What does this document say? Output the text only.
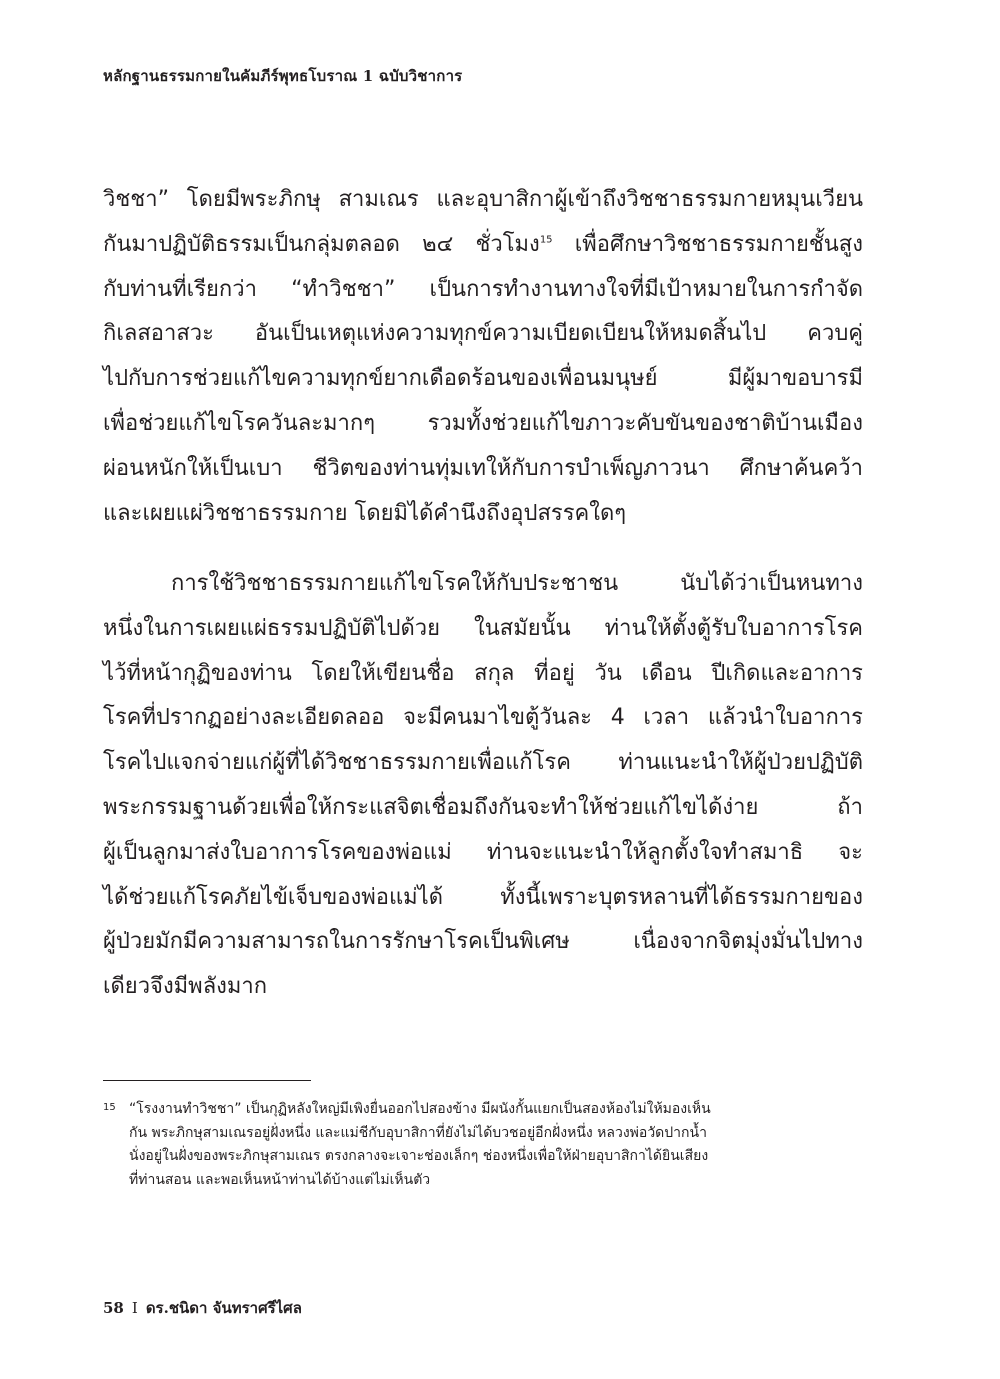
หลักฐานธรรมกายในคัมภีร์พุทธโบราณ 1 ฉบับวิชาการ
วิชชา” โดยมีพระภิกษุ สามเณร และอุบาสิกาผู้เข้าถึงวิชชาธรรมกายหมุนเวียน
กันมาปฏิบัติธรรมเป็นกลุ่มตลอด ๒๔ ชั่วโมง$^{15}$ เพื่อศึกษาวิชชาธรรมกายชั้นสูง
กับท่านที่เรียกว่า “ทำวิชชา” เป็นการทำงานทางใจที่มีเป้าหมายในการกำจัด
กิเลสอาสวะ อันเป็นเหตุแห่งความทุกข์ความเบียดเบียนให้หมดสิ้นไป ควบคู่
ไปกับการช่วยแก้ไขความทุกข์ยากเดือดร้อนของเพื่อนมนุษย์ มีผู้มาขอบารมี
เพื่อช่วยแก้ไขโรควันละมากๆ รวมทั้งช่วยแก้ไขภาวะคับขันของชาติบ้านเมือง
ผ่อนหนักให้เป็นเบา ชีวิตของท่านทุ่มเทให้กับการบำเพ็ญภาวนา ศึกษาค้นคว้า
และเผยแผ่วิชชาธรรมกาย โดยมิได้คำนึงถึงอุปสรรคใดๆ
การใช้วิชชาธรรมกายแก้ไขโรคให้กับประชาชน นับได้ว่าเป็นหนทาง
หนึ่งในการเผยแผ่ธรรมปฏิบัติไปด้วย ในสมัยนั้น ท่านให้ตั้งตู้รับใบอาการโรค
ไว้ที่หน้ากุฏิของท่าน โดยให้เขียนชื่อ สกุล ที่อยู่ วัน เดือน ปีเกิดและอาการ
โรคที่ปรากฏอย่างละเอียดลออ จะมีคนมาไขตู้วันละ 4 เวลา แล้วนำใบอาการ
โรคไปแจกจ่ายแก่ผู้ที่ได้วิชชาธรรมกายเพื่อแก้โรค ท่านแนะนำให้ผู้ป่วยปฏิบัติ
พระกรรมฐานด้วยเพื่อให้กระแสจิตเชื่อมถึงกันจะทำให้ช่วยแก้ไขได้ง่าย ถ้า
ผู้เป็นลูกมาส่งใบอาการโรคของพ่อแม่ ท่านจะแนะนำให้ลูกตั้งใจทำสมาธิ จะ
ได้ช่วยแก้โรคภัยไข้เจ็บของพ่อแม่ได้ ทั้งนี้เพราะบุตรหลานที่ได้ธรรมกายของ
ผู้ป่วยมักมีความสามารถในการรักษาโรคเป็นพิเศษ เนื่องจากจิตมุ่งมั่นไปทาง
เดียวจึงมีพลังมาก
15 “โรงงานทำวิชชา” เป็นกุฏิหลังใหญ่มีเพิงยื่นออกไปสองข้าง มีผนังกั้นแยกเป็นสองห้องไม่ให้มองเห็น
กัน พระภิกษุสามเณรอยู่ฝั่งหนึ่ง และแม่ชีกับอุบาสิกาที่ยังไม่ได้บวชอยู่อีกฝั่งหนึ่ง หลวงพ่อวัดปากน้ำ
นั่งอยู่ในฝั่งของพระภิกษุสามเณร ตรงกลางจะเจาะช่องเล็กๆ ช่องหนึ่งเพื่อให้ฝ่ายอุบาสิกาได้ยินเสียง
ที่ท่านสอน และพอเห็นหน้าท่านได้บ้างแต่ไม่เห็นตัว
58 I ดร.ชนิดา จันทราศรีไศล
